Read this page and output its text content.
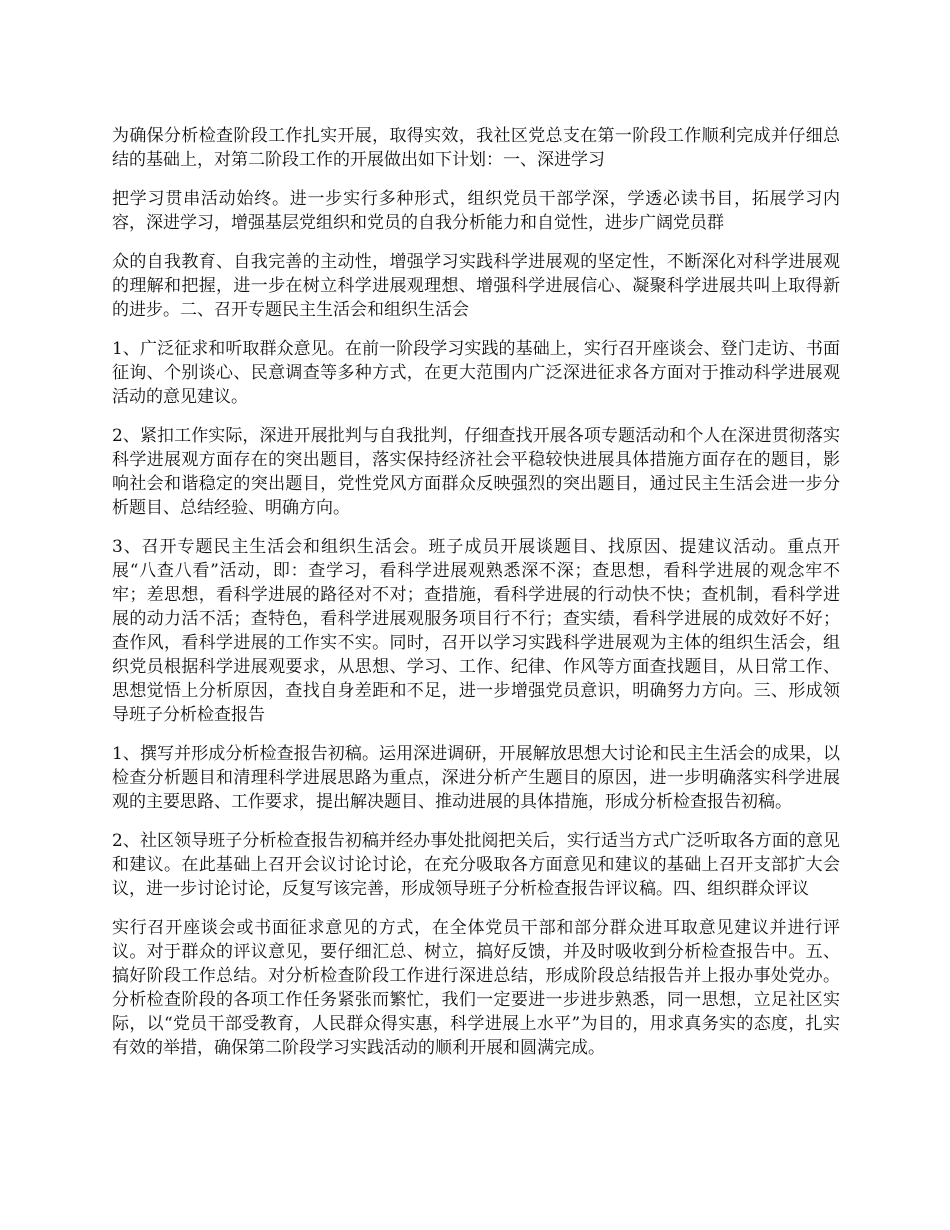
为确保分析检查阶段工作扎实开展，取得实效，我社区党总支在第一阶段工作顺利完成并仔细总结的基础上，对第二阶段工作的开展做出如下计划：一、深进学习

把学习贯串活动始终。进一步实行多种形式，组织党员干部学深，学透必读书目，拓展学习内容，深进学习，增强基层党组织和党员的自我分析能力和自觉性，进步广阔党员群

众的自我教育、自我完善的主动性，增强学习实践科学进展观的坚定性，不断深化对科学进展观的理解和把握，进一步在树立科学进展观理想、增强科学进展信心、凝聚科学进展共叫上取得新的进步。二、召开专题民主生活会和组织生活会

1、广泛征求和听取群众意见。在前一阶段学习实践的基础上，实行召开座谈会、登门走访、书面征询、个别谈心、民意调查等多种方式，在更大范围内广泛深进征求各方面对于推动科学进展观活动的意见建议。

2、紧扣工作实际，深进开展批判与自我批判，仔细查找开展各项专题活动和个人在深进贯彻落实科学进展观方面存在的突出题目，落实保持经济社会平稳较快进展具体措施方面存在的题目，影响社会和谐稳定的突出题目，党性党风方面群众反映强烈的突出题目，通过民主生活会进一步分析题目、总结经验、明确方向。

3、召开专题民主生活会和组织生活会。班子成员开展谈题目、找原因、提建议活动。重点开展“八查八看”活动，即：查学习，看科学进展观熟悉深不深；查思想，看科学进展的观念牢不牢；差思想，看科学进展的路径对不对；查措施，看科学进展的行动快不快；查机制，看科学进展的动力活不活；查特色，看科学进展观服务项目行不行；查实绩，看科学进展的成效好不好；查作风，看科学进展的工作实不实。同时，召开以学习实践科学进展观为主体的组织生活会，组织党员根据科学进展观要求，从思想、学习、工作、纪律、作风等方面查找题目，从日常工作、思想觉悟上分析原因，查找自身差距和不足，进一步增强党员意识，明确努力方向。三、形成领导班子分析检查报告

1、撰写并形成分析检查报告初稿。运用深进调研，开展解放思想大讨论和民主生活会的成果，以检查分析题目和清理科学进展思路为重点，深进分析产生题目的原因，进一步明确落实科学进展观的主要思路、工作要求，提出解决题目、推动进展的具体措施，形成分析检查报告初稿。

2、社区领导班子分析检查报告初稿并经办事处批阅把关后，实行适当方式广泛听取各方面的意见和建议。在此基础上召开会议讨论讨论，在充分吸取各方面意见和建议的基础上召开支部扩大会议，进一步讨论讨论，反复写该完善，形成领导班子分析检查报告评议稿。四、组织群众评议

实行召开座谈会或书面征求意见的方式，在全体党员干部和部分群众进耳取意见建议并进行评议。对于群众的评议意见，要仔细汇总、树立，搞好反馈，并及时吸收到分析检查报告中。五、搞好阶段工作总结。对分析检查阶段工作进行深进总结，形成阶段总结报告并上报办事处党办。分析检查阶段的各项工作任务紧张而繁忙，我们一定要进一步进步熟悉，同一思想，立足社区实际，以“党员干部受教育，人民群众得实惠，科学进展上水平”为目的，用求真务实的态度，扎实有效的举措，确保第二阶段学习实践活动的顺利开展和圆满完成。
